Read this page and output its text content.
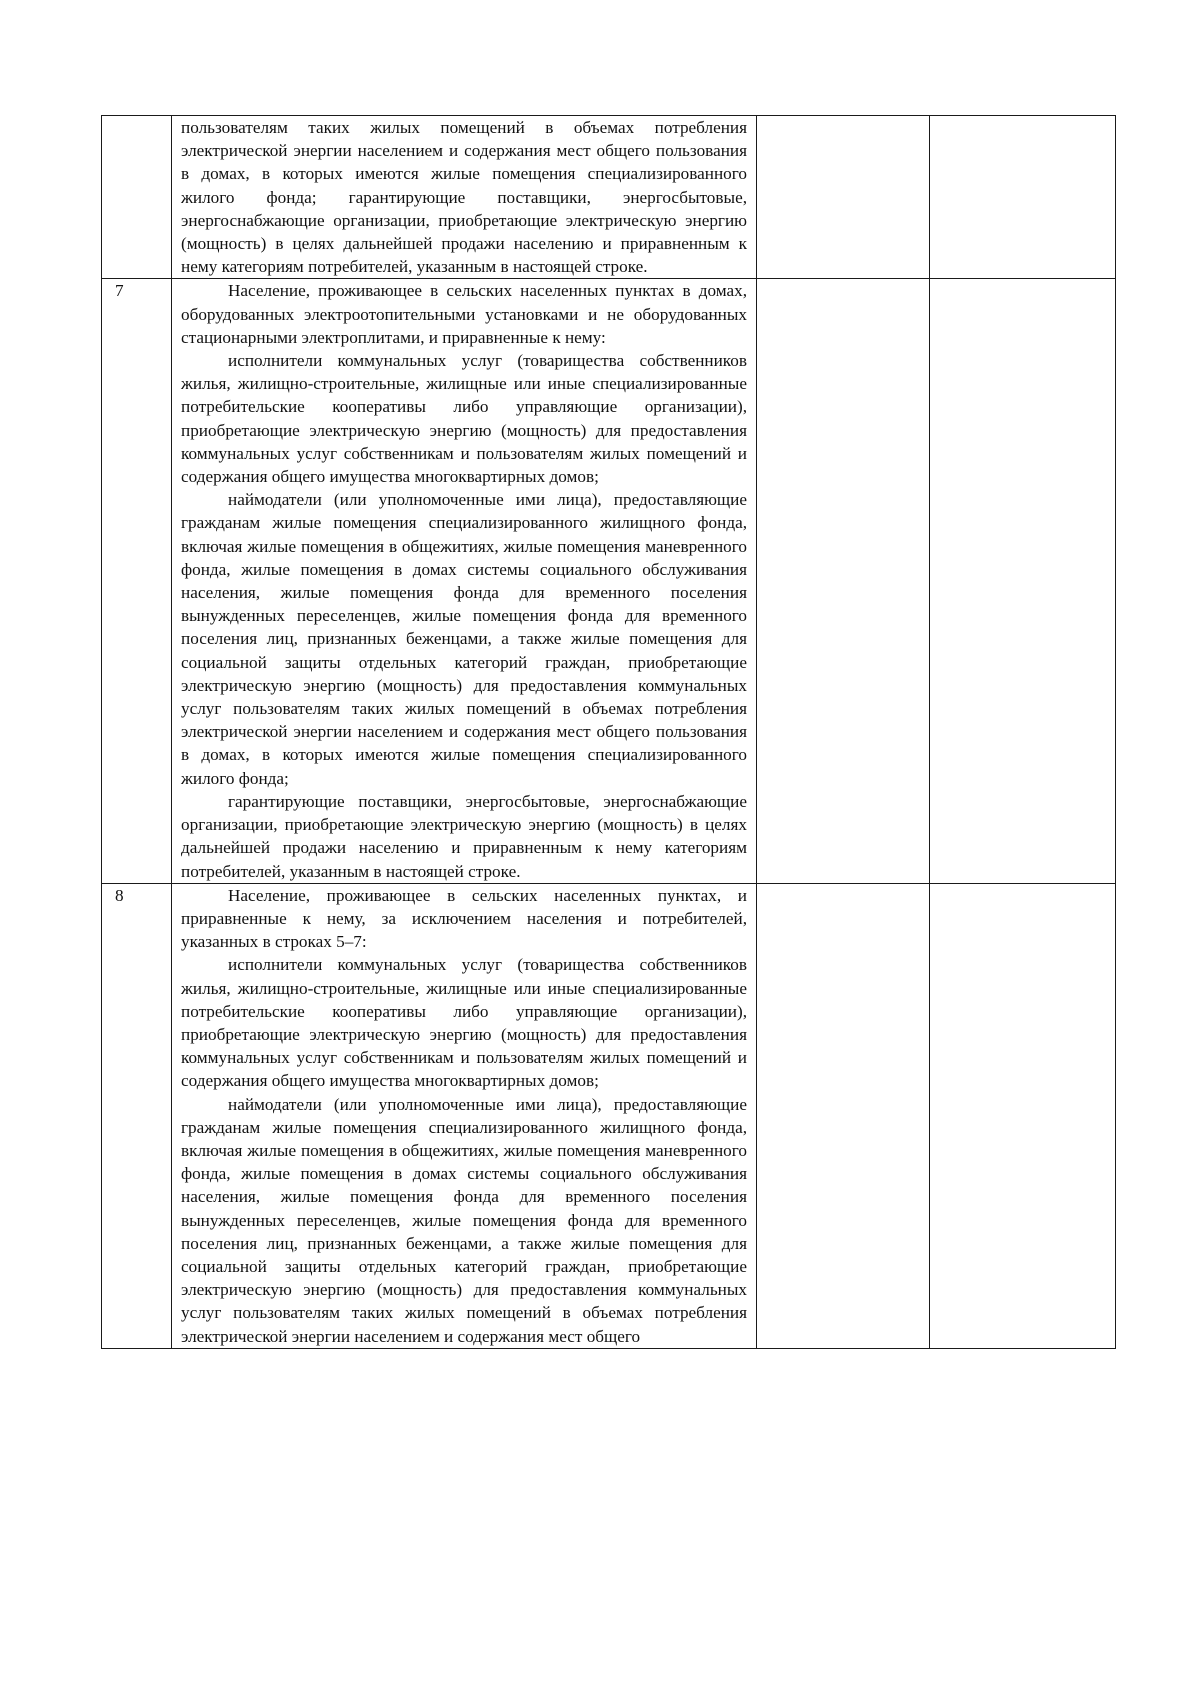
	пользователям таких жилых помещений в объемах потребления электрической энергии населением и содержания мест общего пользования в домах, в которых имеются жилые помещения специализированного жилого фонда; гарантирующие поставщики, энергосбытовые, энергоснабжающие организации, приобретающие электрическую энергию (мощность) в целях дальнейшей продажи населению и приравненным к нему категориям потребителей, указанным в настоящей строке.		

7	Население, проживающее в сельских населенных пунктах в домах, оборудованных электроотопительными установками и не оборудованных стационарными электроплитами, и приравненные к нему:

исполнители коммунальных услуг (товарищества собственников жилья, жилищно-строительные, жилищные или иные специализированные потребительские кооперативы либо управляющие организации), приобретающие электрическую энергию (мощность) для предоставления коммунальных услуг собственникам и пользователям жилых помещений и содержания общего имущества многоквартирных домов;

наймодатели (или уполномоченные ими лица), предоставляющие гражданам жилые помещения специализированного жилищного фонда, включая жилые помещения в общежитиях, жилые помещения маневренного фонда, жилые помещения в домах системы социального обслуживания населения, жилые помещения фонда для временного поселения вынужденных переселенцев, жилые помещения фонда для временного поселения лиц, признанных беженцами, а также жилые помещения для социальной защиты отдельных категорий граждан, приобретающие электрическую энергию (мощность) для предоставления коммунальных услуг пользователям таких жилых помещений в объемах потребления электрической энергии населением и содержания мест общего пользования в домах, в которых имеются жилые помещения специализированного жилого фонда;

гарантирующие поставщики, энергосбытовые, энергоснабжающие организации, приобретающие электрическую энергию (мощность) в целях дальнейшей продажи населению и приравненным к нему категориям потребителей, указанным в настоящей строке.		

8	Население, проживающее в сельских населенных пунктах, и приравненные к нему, за исключением населения и потребителей, указанных в строках 5–7:

исполнители коммунальных услуг (товарищества собственников жилья, жилищно-строительные, жилищные или иные специализированные потребительские кооперативы либо управляющие организации), приобретающие электрическую энергию (мощность) для предоставления коммунальных услуг собственникам и пользователям жилых помещений и содержания общего имущества многоквартирных домов;

наймодатели (или уполномоченные ими лица), предоставляющие гражданам жилые помещения специализированного жилищного фонда, включая жилые помещения в общежитиях, жилые помещения маневренного фонда, жилые помещения в домах системы социального обслуживания населения, жилые помещения фонда для временного поселения вынужденных переселенцев, жилые помещения фонда для временного поселения лиц, признанных беженцами, а также жилые помещения для социальной защиты отдельных категорий граждан, приобретающие электрическую энергию (мощность) для предоставления коммунальных услуг пользователям таких жилых помещений в объемах потребления электрической энергии населением и содержания мест общего		
